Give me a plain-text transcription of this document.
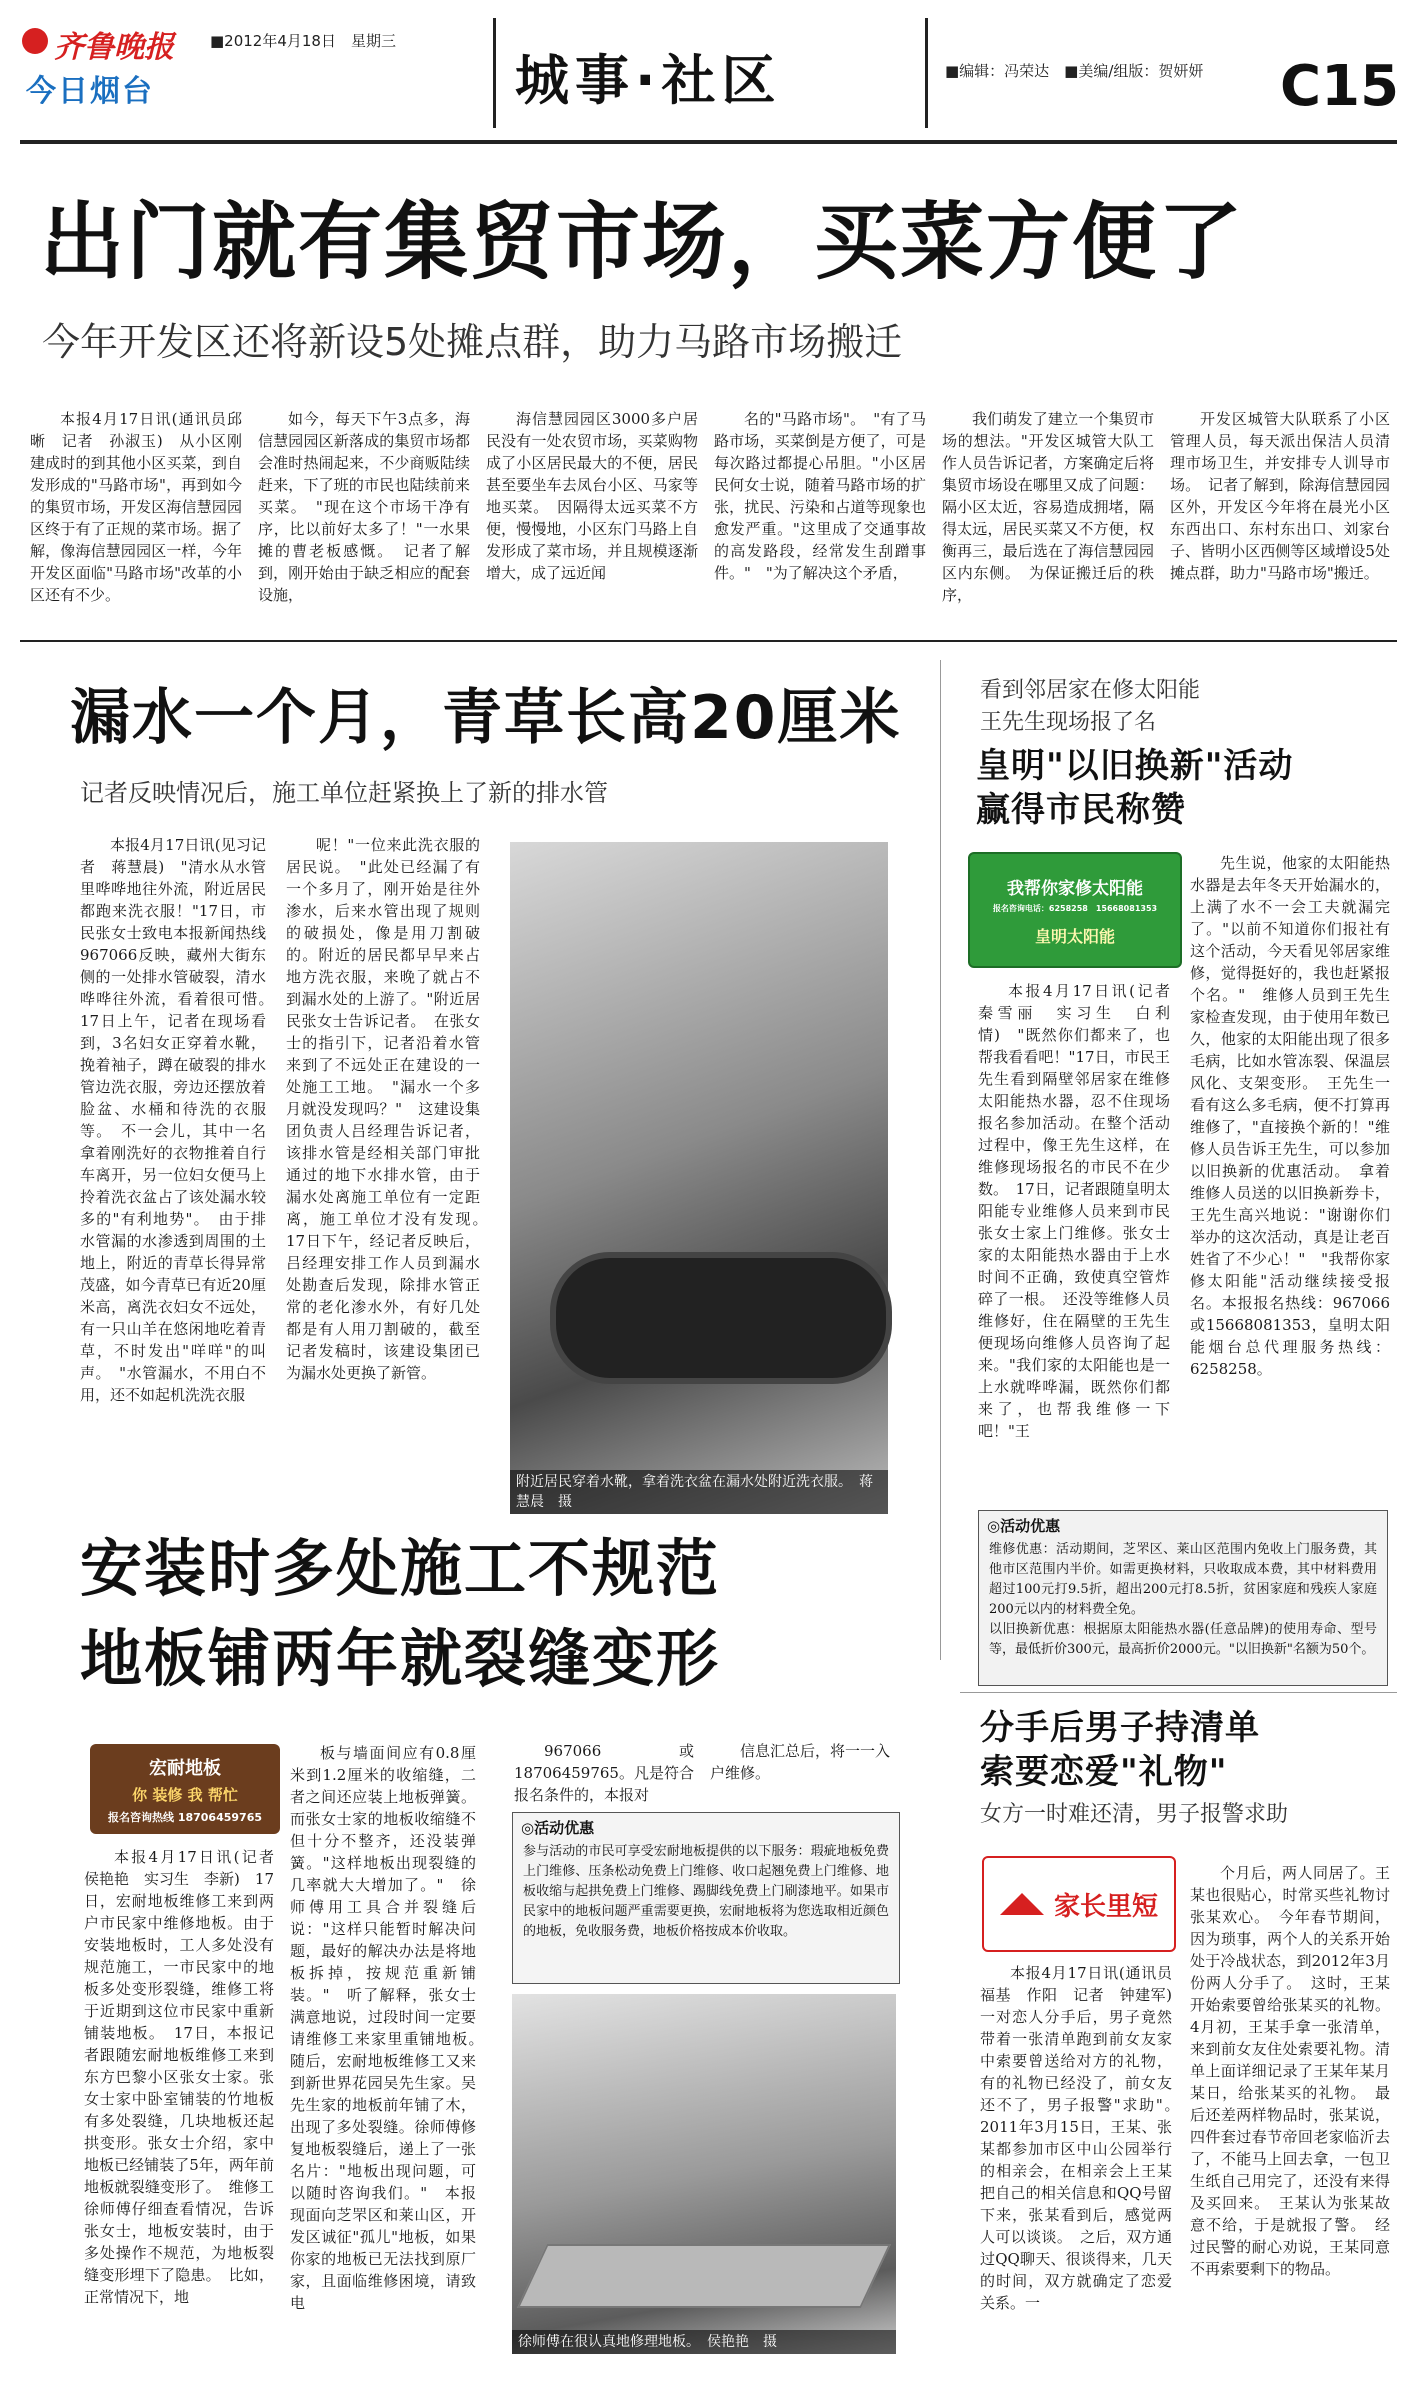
齐鲁晚报
今日烟台
■2012年4月18日　星期三
城事·社区	■编辑：冯荣达　■美编/组版：贺妍妍 C15
出门就有集贸市场，买菜方便了
今年开发区还将新设5处摊点群，助力马路市场搬迁

本报4月17日讯(通讯员邱晰　记者　孙淑玉)　从小区刚建成时的到其他小区买菜，到自发形成的"马路市场"，再到如今的集贸市场，开发区海信慧园园区终于有了正规的菜市场。据了解，像海信慧园园区一样，今年开发区面临"马路市场"改革的小区还有不少。

如今，每天下午3点多，海信慧园园区新落成的集贸市场都会准时热闹起来，不少商贩陆续赶来，下了班的市民也陆续前来买菜。　"现在这个市场干净有序，比以前好太多了！"一水果摊的曹老板感慨。　记者了解到，刚开始由于缺乏相应的配套设施，

海信慧园园区3000多户居民没有一处农贸市场，买菜购物成了小区居民最大的不便，居民甚至要坐车去凤台小区、马家等地买菜。　因隔得太远买菜不方便，慢慢地，小区东门马路上自发形成了菜市场，并且规模逐渐增大，成了远近闻

名的"马路市场"。　"有了马路市场，买菜倒是方便了，可是每次路过都提心吊胆。"小区居民何女士说，随着马路市场的扩张，扰民、污染和占道等现象也愈发严重。"这里成了交通事故的高发路段，经常发生刮蹭事件。"　"为了解决这个矛盾，

我们萌发了建立一个集贸市场的想法。"开发区城管大队工作人员告诉记者，方案确定后将集贸市场设在哪里又成了问题：隔小区太近，容易造成拥堵，隔得太远，居民买菜又不方便，权衡再三，最后选在了海信慧园园区内东侧。　为保证搬迁后的秩序，

开发区城管大队联系了小区管理人员，每天派出保洁人员清理市场卫生，并安排专人训导市场。　记者了解到，除海信慧园园区外，开发区今年将在晨光小区东西出口、东村东出口、刘家台子、皆明小区西侧等区域增设5处摊点群，助力"马路市场"搬迁。

漏水一个月，青草长高20厘米
记者反映情况后，施工单位赶紧换上了新的排水管

本报4月17日讯(见习记者　蒋慧晨)　"清水从水管里哗哗地往外流，附近居民都跑来洗衣服！"17日，市民张女士致电本报新闻热线967066反映，藏州大街东侧的一处排水管破裂，清水哗哗往外流，看着很可惜。　17日上午，记者在现场看到，3名妇女正穿着水靴，挽着袖子，蹲在破裂的排水管边洗衣服，旁边还摆放着脸盆、水桶和待洗的衣服等。　不一会儿，其中一名拿着刚洗好的衣物推着自行车离开，另一位妇女便马上拎着洗衣盆占了该处漏水较多的"有利地势"。　由于排水管漏的水渗透到周围的土地上，附近的青草长得异常茂盛，如今青草已有近20厘米高，离洗衣妇女不远处，有一只山羊在悠闲地吃着青草，不时发出"咩咩"的叫声。　"水管漏水，不用白不用，还不如起机洗洗衣服

呢！"一位来此洗衣服的居民说。　"此处已经漏了有一个多月了，刚开始是往外渗水，后来水管出现了规则的破损处，像是用刀割破的。附近的居民都早早来占地方洗衣服，来晚了就占不到漏水处的上游了。"附近居民张女士告诉记者。　在张女士的指引下，记者沿着水管来到了不远处正在建设的一处施工工地。　"漏水一个多月就没发现吗？"　这建设集团负责人吕经理告诉记者，该排水管是经相关部门审批通过的地下水排水管，由于漏水处离施工单位有一定距离，施工单位才没有发现。　17日下午，经记者反映后，吕经理安排工作人员到漏水处勘查后发现，除排水管正常的老化渗水外，有好几处都是有人用刀割破的，截至记者发稿时，该建设集团已为漏水处更换了新管。

附近居民穿着水靴，拿着洗衣盆在漏水处附近洗衣服。　蒋慧晨　摄
看到邻居家在修太阳能
王先生现场报了名
皇明"以旧换新"活动
赢得市民称赞
我帮你家修太阳能
报名咨询电话：6258258　15668081353
皇明太阳能

本报4月17日讯(记者　秦雪丽　实习生　白利情)　"既然你们都来了，也帮我看看吧！"17日，市民王先生看到隔壁邻居家在维修太阳能热水器，忍不住现场报名参加活动。在整个活动过程中，像王先生这样，在维修现场报名的市民不在少数。　17日，记者跟随皇明太阳能专业维修人员来到市民张女士家上门维修。张女士家的太阳能热水器由于上水时间不正确，致使真空管炸碎了一根。　还没等维修人员维修好，住在隔壁的王先生便现场向维修人员咨询了起来。"我们家的太阳能也是一上水就哗哗漏，既然你们都来了，也帮我维修一下吧！"王

先生说，他家的太阳能热水器是去年冬天开始漏水的，上满了水不一会工夫就漏完了。"以前不知道你们报社有这个活动，今天看见邻居家维修，觉得挺好的，我也赶紧报个名。"　维修人员到王先生家检查发现，由于使用年数已久，他家的太阳能出现了很多毛病，比如水管冻裂、保温层风化、支架变形。　王先生一看有这么多毛病，便不打算再维修了，"直接换个新的！"维修人员告诉王先生，可以参加以旧换新的优惠活动。　拿着维修人员送的以旧换新券卡，王先生高兴地说："谢谢你们举办的这次活动，真是让老百姓省了不少心！"　"我帮你家修太阳能"活动继续接受报名。本报报名热线：967066或15668081353，皇明太阳能烟台总代理服务热线：6258258。

◎活动优惠
维修优惠：活动期间，芝罘区、莱山区范围内免收上门服务费，其他市区范围内半价。如需更换材料，只收取成本费，其中材料费用超过100元打9.5折，超出200元打8.5折，贫困家庭和残疾人家庭200元以内的材料费全免。
以旧换新优惠：根据原太阳能热水器(任意品牌)的使用寿命、型号等，最低折价300元，最高折价2000元。"以旧换新"名额为50个。
安装时多处施工不规范
地板铺两年就裂缝变形
宏耐地板
你 装修 我 帮忙
报名咨询热线 18706459765

本报4月17日讯(记者　侯艳艳　实习生　李新)　17日，宏耐地板维修工来到两户市民家中维修地板。由于安装地板时，工人多处没有规范施工，一市民家中的地板多处变形裂缝，维修工将于近期到这位市民家中重新铺装地板。　17日，本报记者跟随宏耐地板维修工来到东方巴黎小区张女士家。张女士家中卧室铺装的竹地板有多处裂缝，几块地板还起拱变形。张女士介绍，家中地板已经铺装了5年，两年前地板就裂缝变形了。　维修工徐师傅仔细查看情况，告诉张女士，地板安装时，由于多处操作不规范，为地板裂缝变形埋下了隐患。　比如，正常情况下，地

板与墙面间应有0.8厘米到1.2厘米的收缩缝，二者之间还应装上地板弹簧。而张女士家的地板收缩缝不但十分不整齐，还没装弹簧。"这样地板出现裂缝的几率就大大增加了。"　徐师傅用工具合并裂缝后说："这样只能暂时解决问题，最好的解决办法是将地板拆掉，按规范重新铺装。"　听了解释，张女士满意地说，过段时间一定要请维修工来家里重铺地板。　随后，宏耐地板维修工又来到新世界花园吴先生家。吴先生家的地板前年铺了木，出现了多处裂缝。徐师傅修复地板裂缝后，递上了一张名片："地板出现问题，可以随时咨询我们。"　本报现面向芝罘区和莱山区，开发区诚征"孤儿"地板，如果你家的地板已无法找到原厂家，且面临维修困境，请致电

967066或18706459765。凡是符合报名条件的，本报对

信息汇总后，将一一入户维修。

◎活动优惠
参与活动的市民可享受宏耐地板提供的以下服务：瑕疵地板免费上门维修、压条松动免费上门维修、收口起翘免费上门维修、地板收缩与起拱免费上门维修、踢脚线免费上门刷漆地平。如果市民家中的地板问题严重需要更换，宏耐地板将为您选取相近颜色的地板，免收服务费，地板价格按成本价收取。
徐师傅在很认真地修理地板。　侯艳艳　摄
分手后男子持清单
索要恋爱"礼物"
女方一时难还清，男子报警求助
家长里短

本报4月17日讯(通讯员　福基　作阳　记者　钟建军)　一对恋人分手后，男子竟然带着一张清单跑到前女友家中索要曾送给对方的礼物，有的礼物已经没了，前女友还不了，男子报警"求助"。　2011年3月15日，王某、张某都参加市区中山公园举行的相亲会，在相亲会上王某把自己的相关信息和QQ号留下来，张某看到后，感觉两人可以谈谈。　之后，双方通过QQ聊天、很谈得来，几天的时间，双方就确定了恋爱关系。一

个月后，两人同居了。王某也很贴心，时常买些礼物讨张某欢心。　今年春节期间，因为琐事，两个人的关系开始处于冷战状态，到2012年3月份两人分手了。　这时，王某开始索要曾给张某买的礼物。4月初，王某手拿一张清单，来到前女友住处索要礼物。清单上面详细记录了王某年某月某日，给张某买的礼物。　最后还差两样物品时，张某说，四件套过春节帝回老家临沂去了，不能马上回去拿，一包卫生纸自己用完了，还没有来得及买回来。　王某认为张某故意不给，于是就报了警。　经过民警的耐心劝说，王某同意不再索要剩下的物品。
